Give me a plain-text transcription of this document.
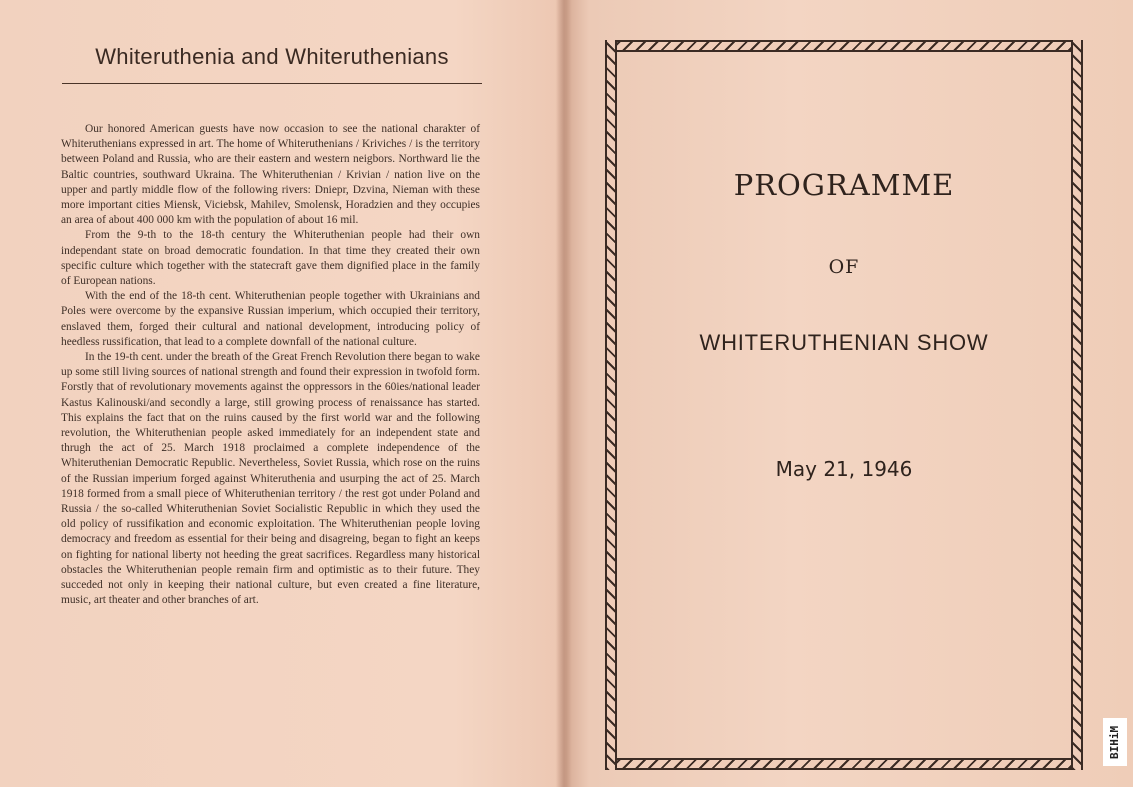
Whiteruthenia and Whiteruthenians

Our honored American guests have now occasion to see the national charakter of Whiteruthenians expressed in art. The home of Whiteruthenians / Kriviches / is the territory between Poland and Russia, who are their eastern and western neigbors. Northward lie the Baltic countries, southward Ukraina. The Whiteruthenian / Krivian / nation live on the upper and partly middle flow of the following rivers: Dniepr, Dzvina, Nieman with these more important cities Miensk, Viciebsk, Mahilev, Smolensk, Horadzien and they occupies an area of about 400 000 km with the population of about 16 mil.

From the 9-th to the 18-th century the Whiteruthenian people had their own independant state on broad democratic foundation. In that time they created their own specific culture which together with the statecraft gave them dignified place in the family of European nations.

With the end of the 18-th cent. Whiteruthenian people together with Ukrainians and Poles were overcome by the expansive Russian imperium, which occupied their territory, enslaved them, forged their cultural and national development, introducing policy of heedless russification, that lead to a complete downfall of the national culture.

In the 19-th cent. under the breath of the Great French Revolution there began to wake up some still living sources of national strength and found their expression in twofold form. Forstly that of revolutionary movements against the oppressors in the 60ies/national leader Kastus Kalinouski/and secondly a large, still growing process of renaissance has started. This explains the fact that on the ruins caused by the first world war and the following revolution, the Whiteruthenian people asked immediately for an independent state and thrugh the act of 25. March 1918 proclaimed a complete independence of the Whiteruthenian Democratic Republic. Nevertheless, Soviet Russia, which rose on the ruins of the Russian imperium forged against Whiteruthenia and usurping the act of 25. March 1918 formed from a small piece of Whiteruthenian territory / the rest got under Poland and Russia / the so-called Whiteruthenian Soviet Socialistic Republic in which they used the old policy of russifikation and economic exploitation. The Whiteruthenian people loving democracy and freedom as essential for their being and disagreing, began to fight an keeps on fighting for national liberty not heeding the great sacrifices. Regardless many historical obstacles the Whiteruthenian people remain firm and optimistic as to their future. They succeded not only in keeping their national culture, but even created a fine literature, music, art theater and other branches of art.

PROGRAMME
OF
WHITERUTHENIAN SHOW
May 21, 1946
BIHiM
